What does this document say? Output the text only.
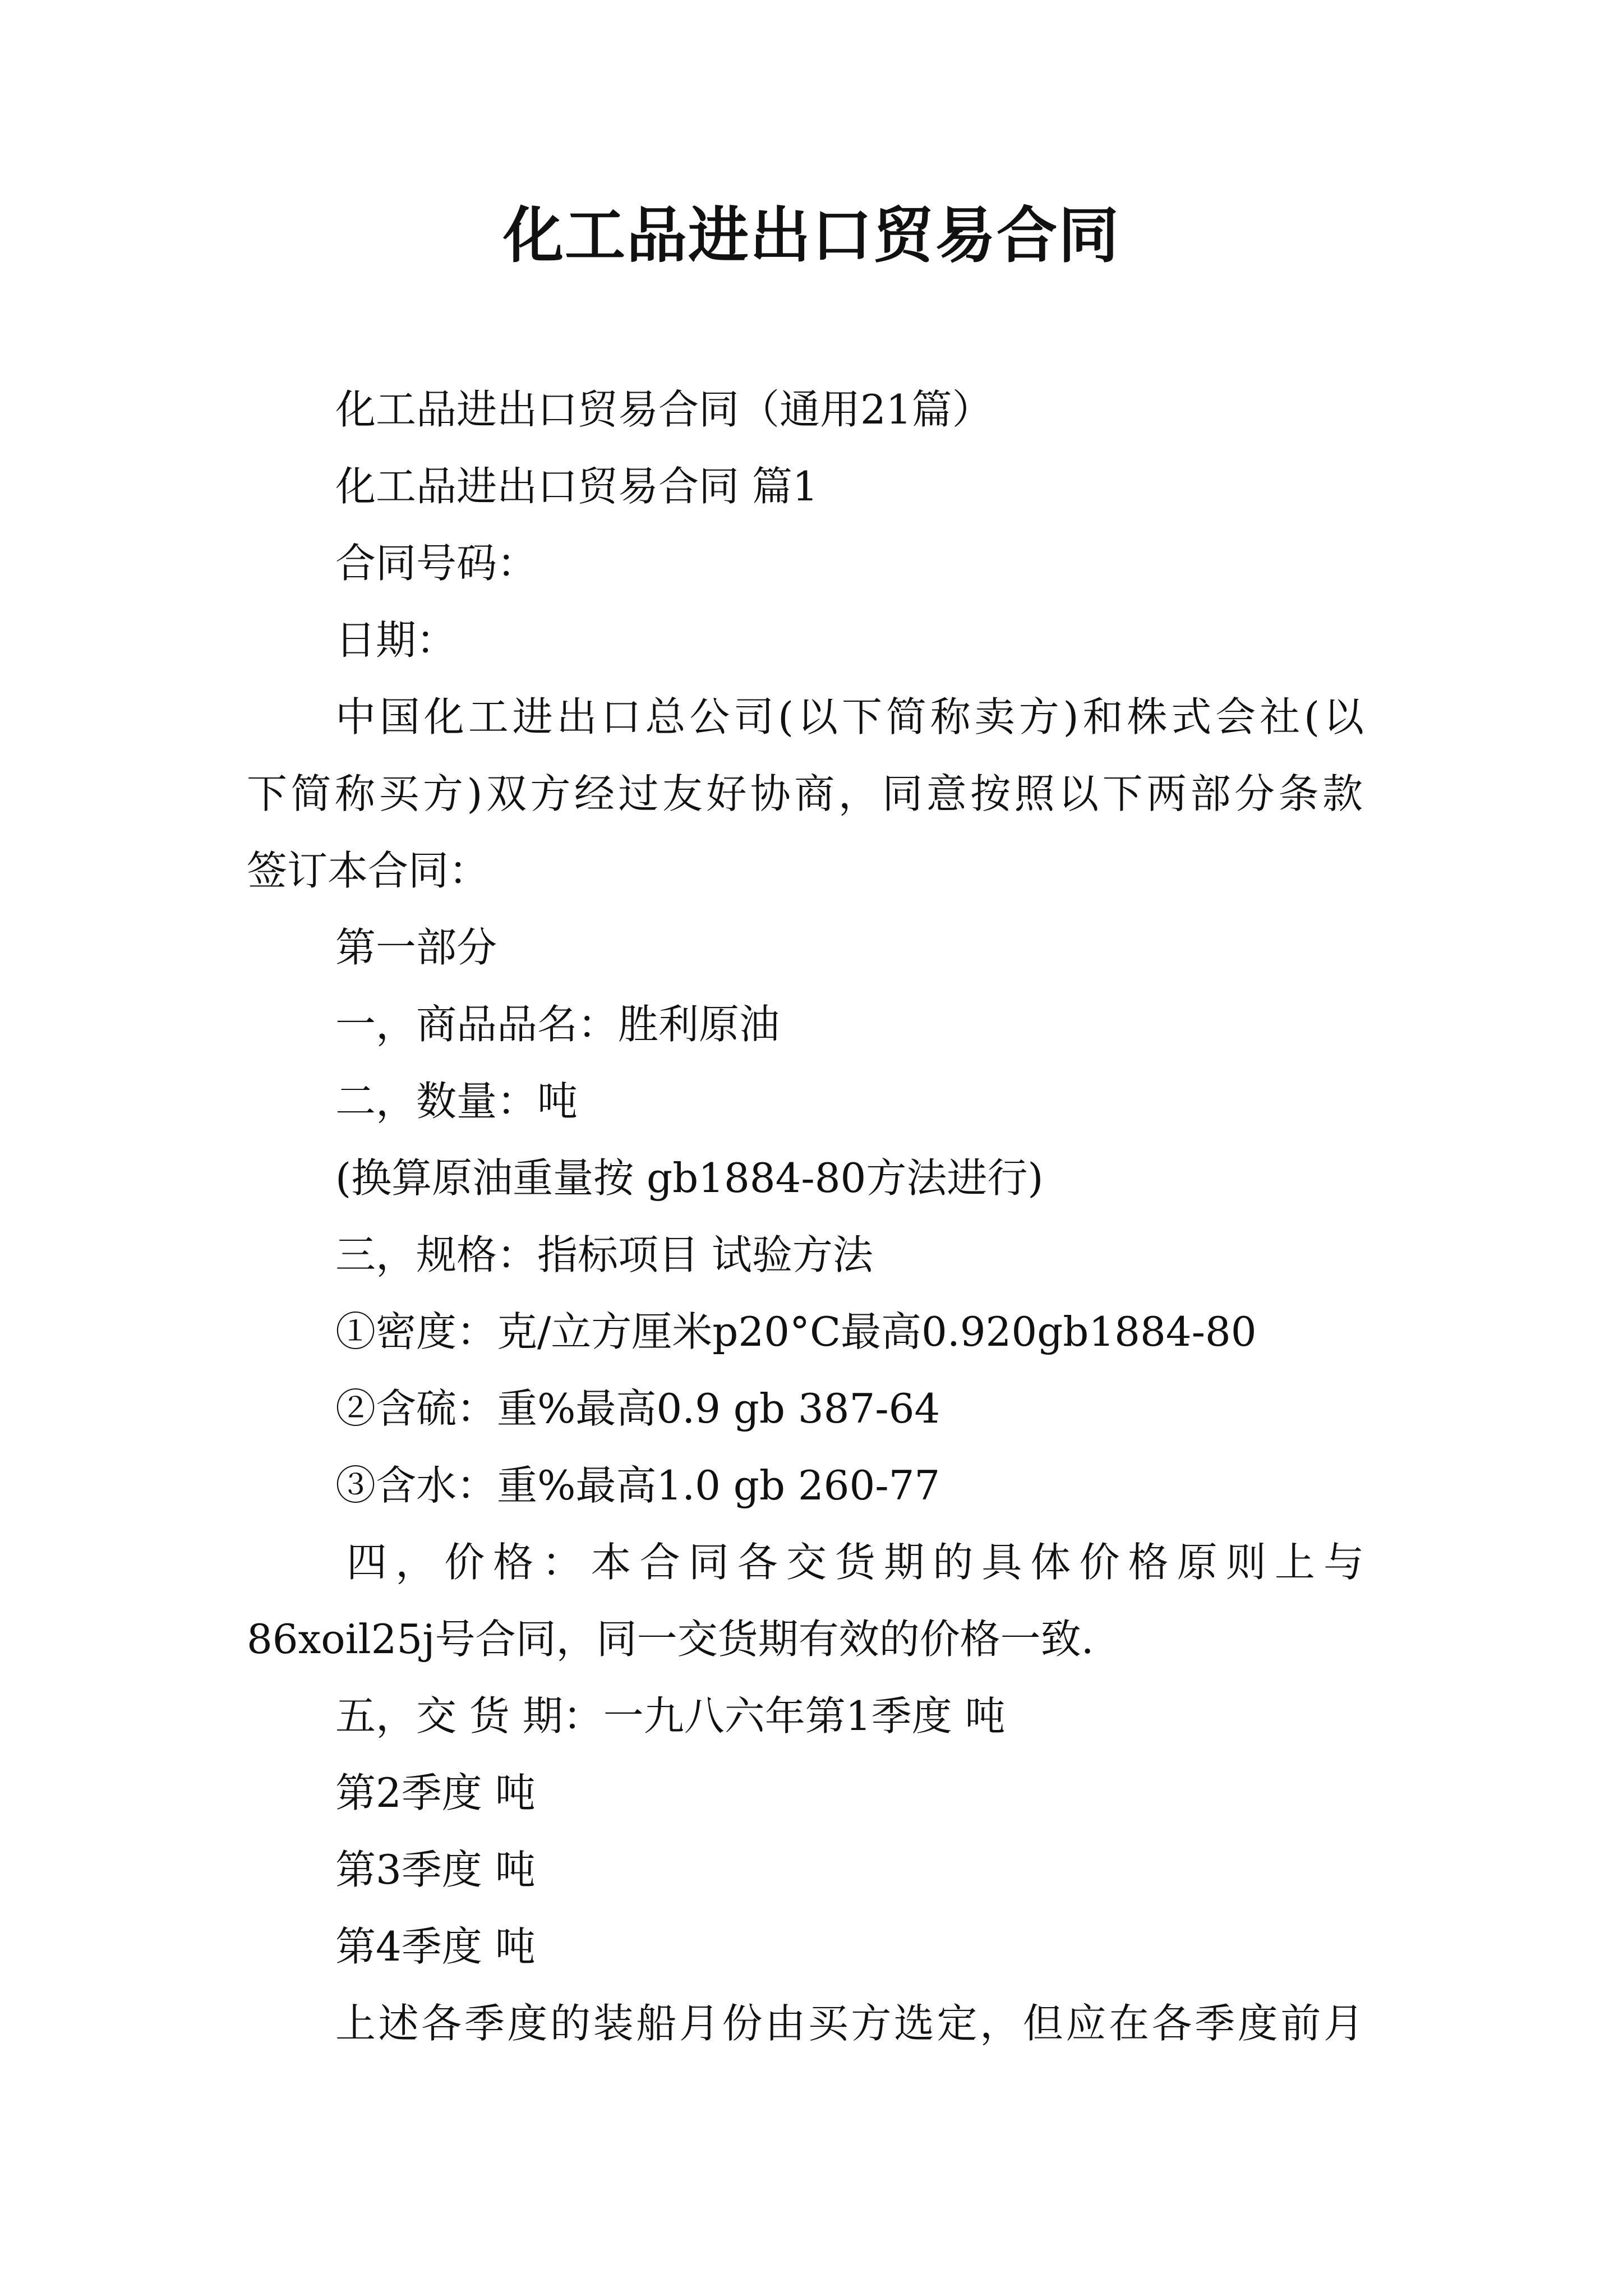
化工品进出口贸易合同
化工品进出口贸易合同（通用21篇）
化工品进出口贸易合同 篇1
合同号码：
日期：
中国化工进出口总公司(以下简称卖方)和株式会社(以
下简称买方)双方经过友好协商，同意按照以下两部分条款
签订本合同：
第一部分
一，商品品名：胜利原油
二，数量：吨
(换算原油重量按 gb1884-80方法进行)
三，规格：指标项目 试验方法
①密度：克/立方厘米p20°C最高0.920gb1884-80
②含硫：重%最高0.9 gb 387-64
③含水：重%最高1.0 gb 260-77
四，价格：本合同各交货期的具体价格原则上与
86xoil25j号合同，同一交货期有效的价格一致.
五，交 货 期：一九八六年第1季度 吨
第2季度 吨
第3季度 吨
第4季度 吨
上述各季度的装船月份由买方选定，但应在各季度前月
